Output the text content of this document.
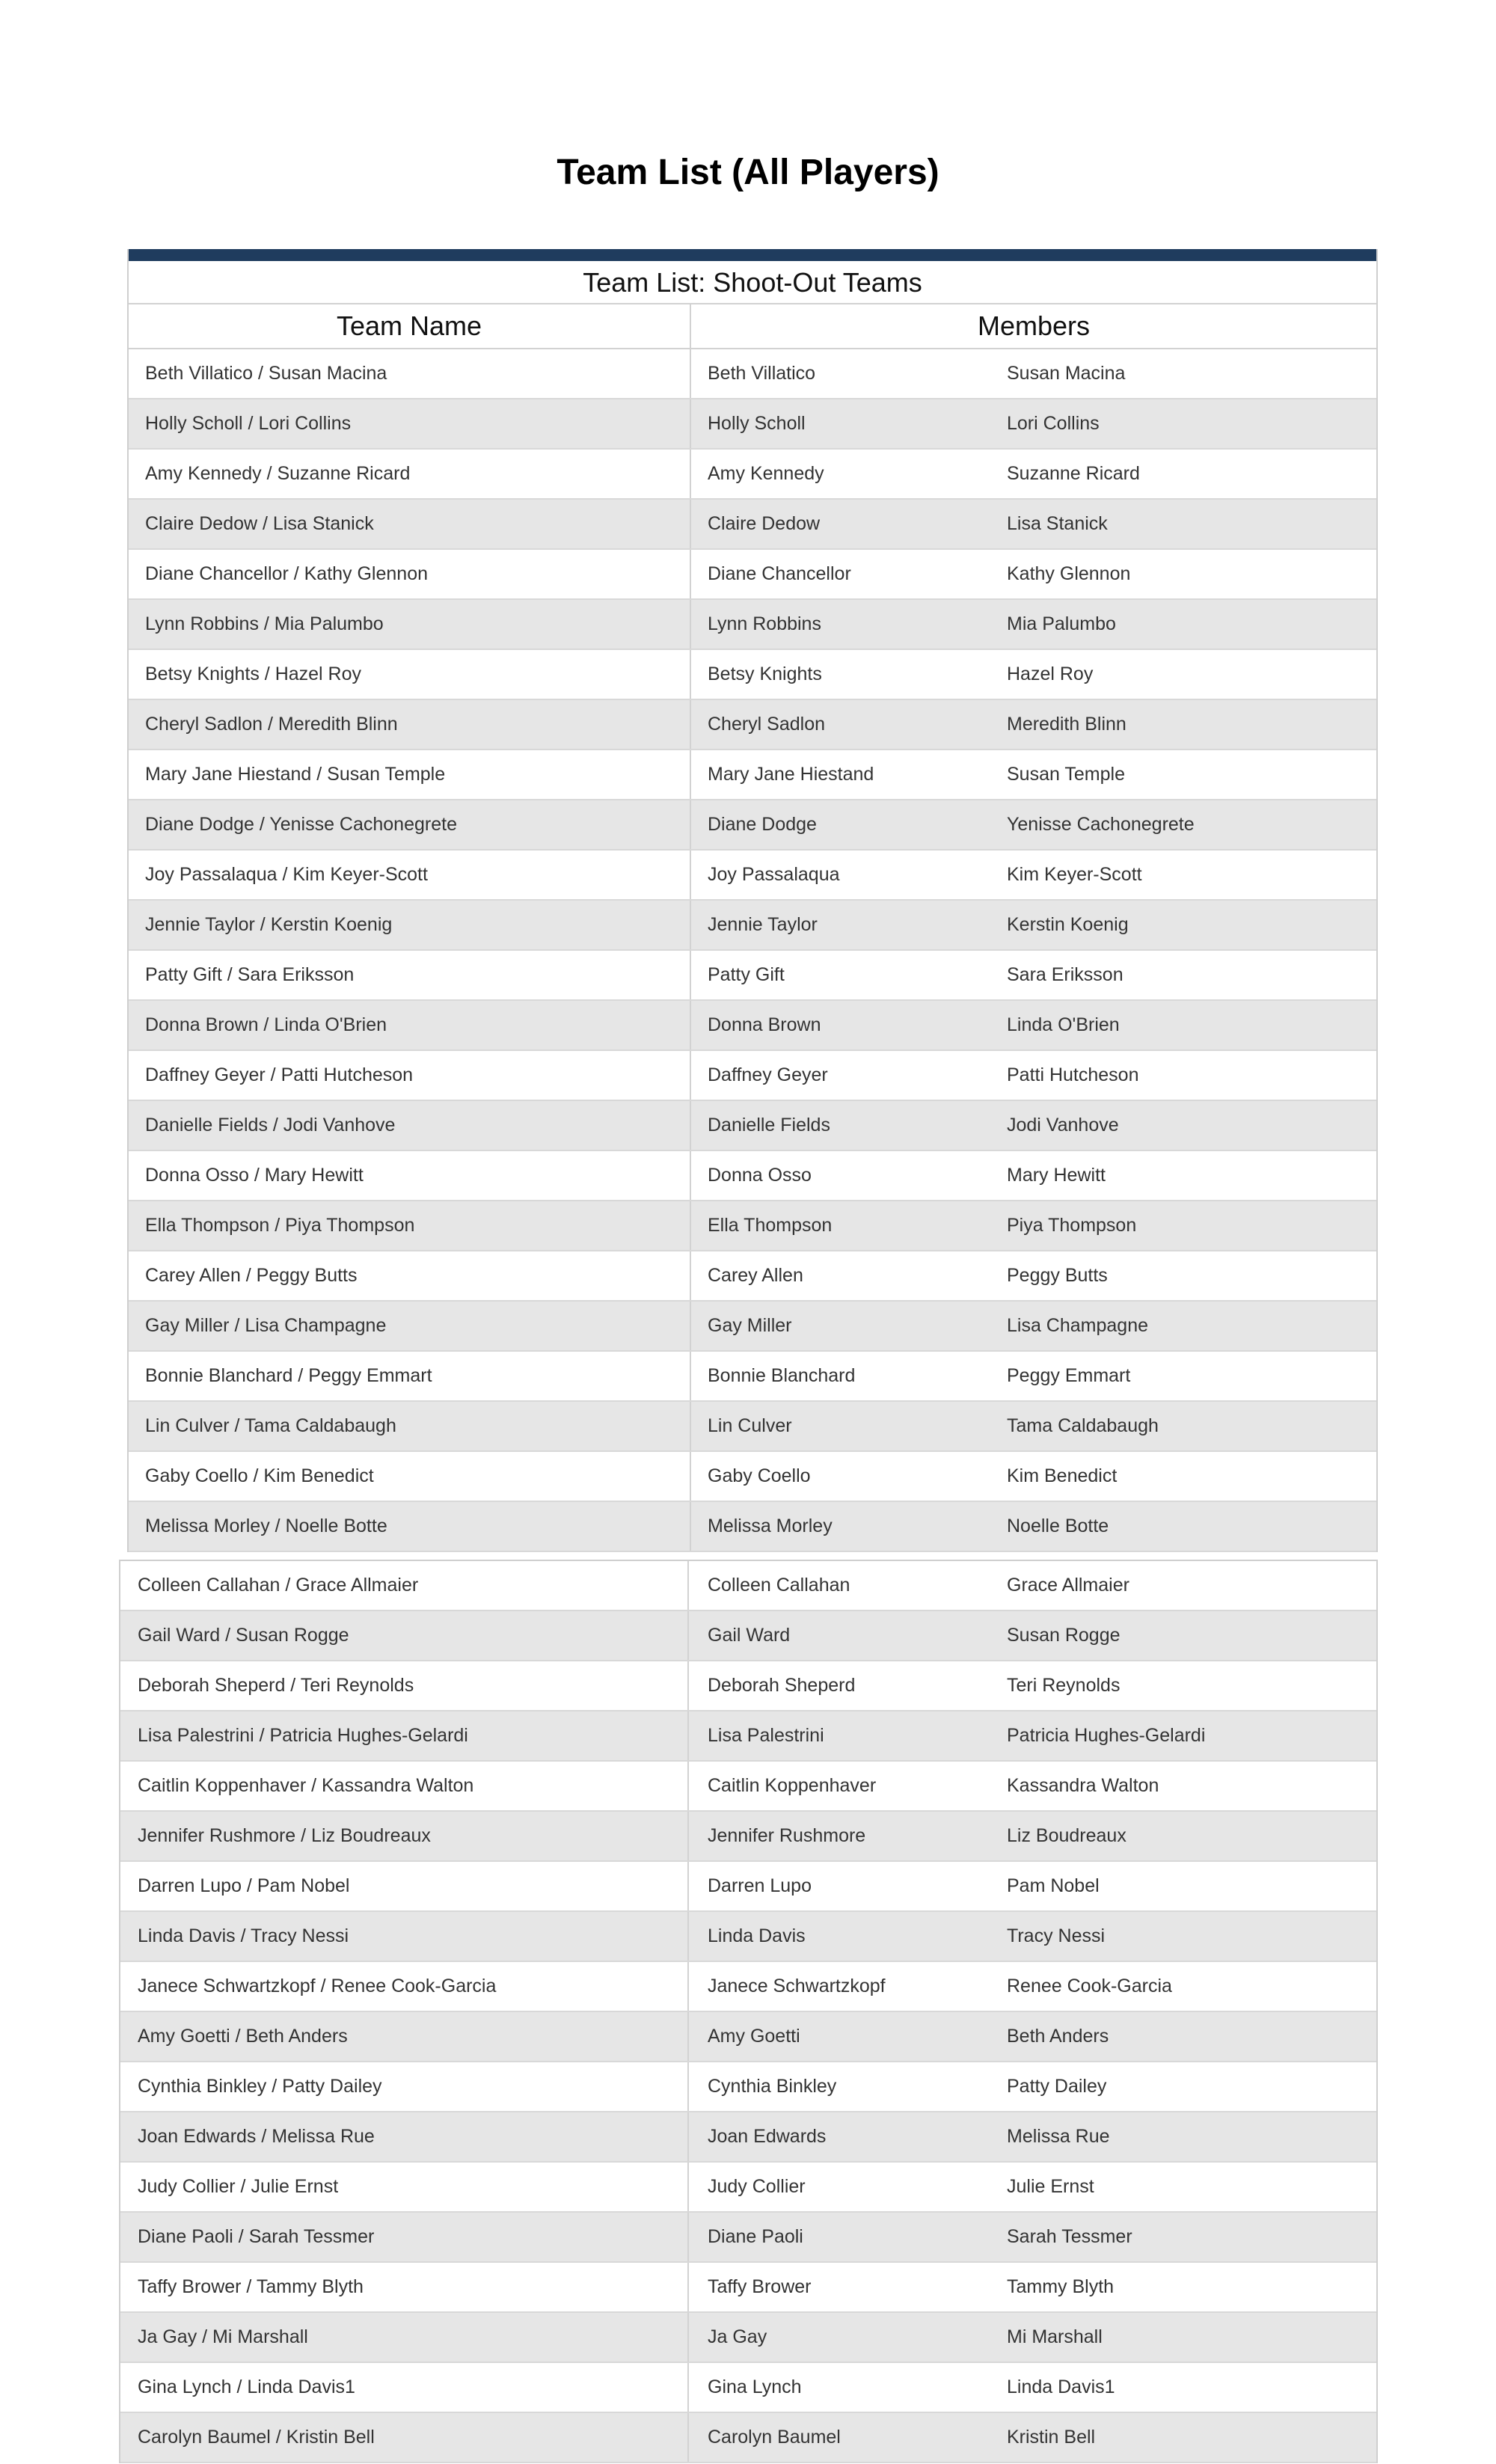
Team List (All Players)
Team List: Shoot-Out Teams
Team Name	Members
Beth Villatico / Susan Macina	Beth Villatico	Susan Macina
Holly Scholl / Lori Collins	Holly Scholl	Lori Collins
Amy Kennedy / Suzanne Ricard	Amy Kennedy	Suzanne Ricard
Claire Dedow / Lisa Stanick	Claire Dedow	Lisa Stanick
Diane Chancellor / Kathy Glennon	Diane Chancellor	Kathy Glennon
Lynn Robbins / Mia Palumbo	Lynn Robbins	Mia Palumbo
Betsy Knights / Hazel Roy	Betsy Knights	Hazel Roy
Cheryl Sadlon / Meredith Blinn	Cheryl Sadlon	Meredith Blinn
Mary Jane Hiestand / Susan Temple	Mary Jane Hiestand	Susan Temple
Diane Dodge / Yenisse Cachonegrete	Diane Dodge	Yenisse Cachonegrete
Joy Passalaqua / Kim Keyer-Scott	Joy Passalaqua	Kim Keyer-Scott
Jennie Taylor / Kerstin Koenig	Jennie Taylor	Kerstin Koenig
Patty Gift / Sara Eriksson	Patty Gift	Sara Eriksson
Donna Brown / Linda O'Brien	Donna Brown	Linda O'Brien
Daffney Geyer / Patti Hutcheson	Daffney Geyer	Patti Hutcheson
Danielle Fields / Jodi Vanhove	Danielle Fields	Jodi Vanhove
Donna Osso / Mary Hewitt	Donna Osso	Mary Hewitt
Ella Thompson / Piya Thompson	Ella Thompson	Piya Thompson
Carey Allen / Peggy Butts	Carey Allen	Peggy Butts
Gay Miller / Lisa Champagne	Gay Miller	Lisa Champagne
Bonnie Blanchard / Peggy Emmart	Bonnie Blanchard	Peggy Emmart
Lin Culver / Tama Caldabaugh	Lin Culver	Tama Caldabaugh
Gaby Coello / Kim Benedict	Gaby Coello	Kim Benedict
Melissa Morley / Noelle Botte	Melissa Morley	Noelle Botte
Colleen Callahan / Grace Allmaier	Colleen Callahan	Grace Allmaier
Gail Ward / Susan Rogge	Gail Ward	Susan Rogge
Deborah Sheperd / Teri Reynolds	Deborah Sheperd	Teri Reynolds
Lisa Palestrini / Patricia Hughes-Gelardi	Lisa Palestrini	Patricia Hughes-Gelardi
Caitlin Koppenhaver / Kassandra Walton	Caitlin Koppenhaver	Kassandra Walton
Jennifer Rushmore / Liz Boudreaux	Jennifer Rushmore	Liz Boudreaux
Darren Lupo / Pam Nobel	Darren Lupo	Pam Nobel
Linda Davis / Tracy Nessi	Linda Davis	Tracy Nessi
Janece Schwartzkopf / Renee Cook-Garcia	Janece Schwartzkopf	Renee Cook-Garcia
Amy Goetti / Beth Anders	Amy Goetti	Beth Anders
Cynthia Binkley / Patty Dailey	Cynthia Binkley	Patty Dailey
Joan Edwards / Melissa Rue	Joan Edwards	Melissa Rue
Judy Collier / Julie Ernst	Judy Collier	Julie Ernst
Diane Paoli / Sarah Tessmer	Diane Paoli	Sarah Tessmer
Taffy Brower / Tammy Blyth	Taffy Brower	Tammy Blyth
Ja Gay / Mi Marshall	Ja Gay	Mi Marshall
Gina Lynch / Linda Davis1	Gina Lynch	Linda Davis1
Carolyn Baumel / Kristin Bell	Carolyn Baumel	Kristin Bell
